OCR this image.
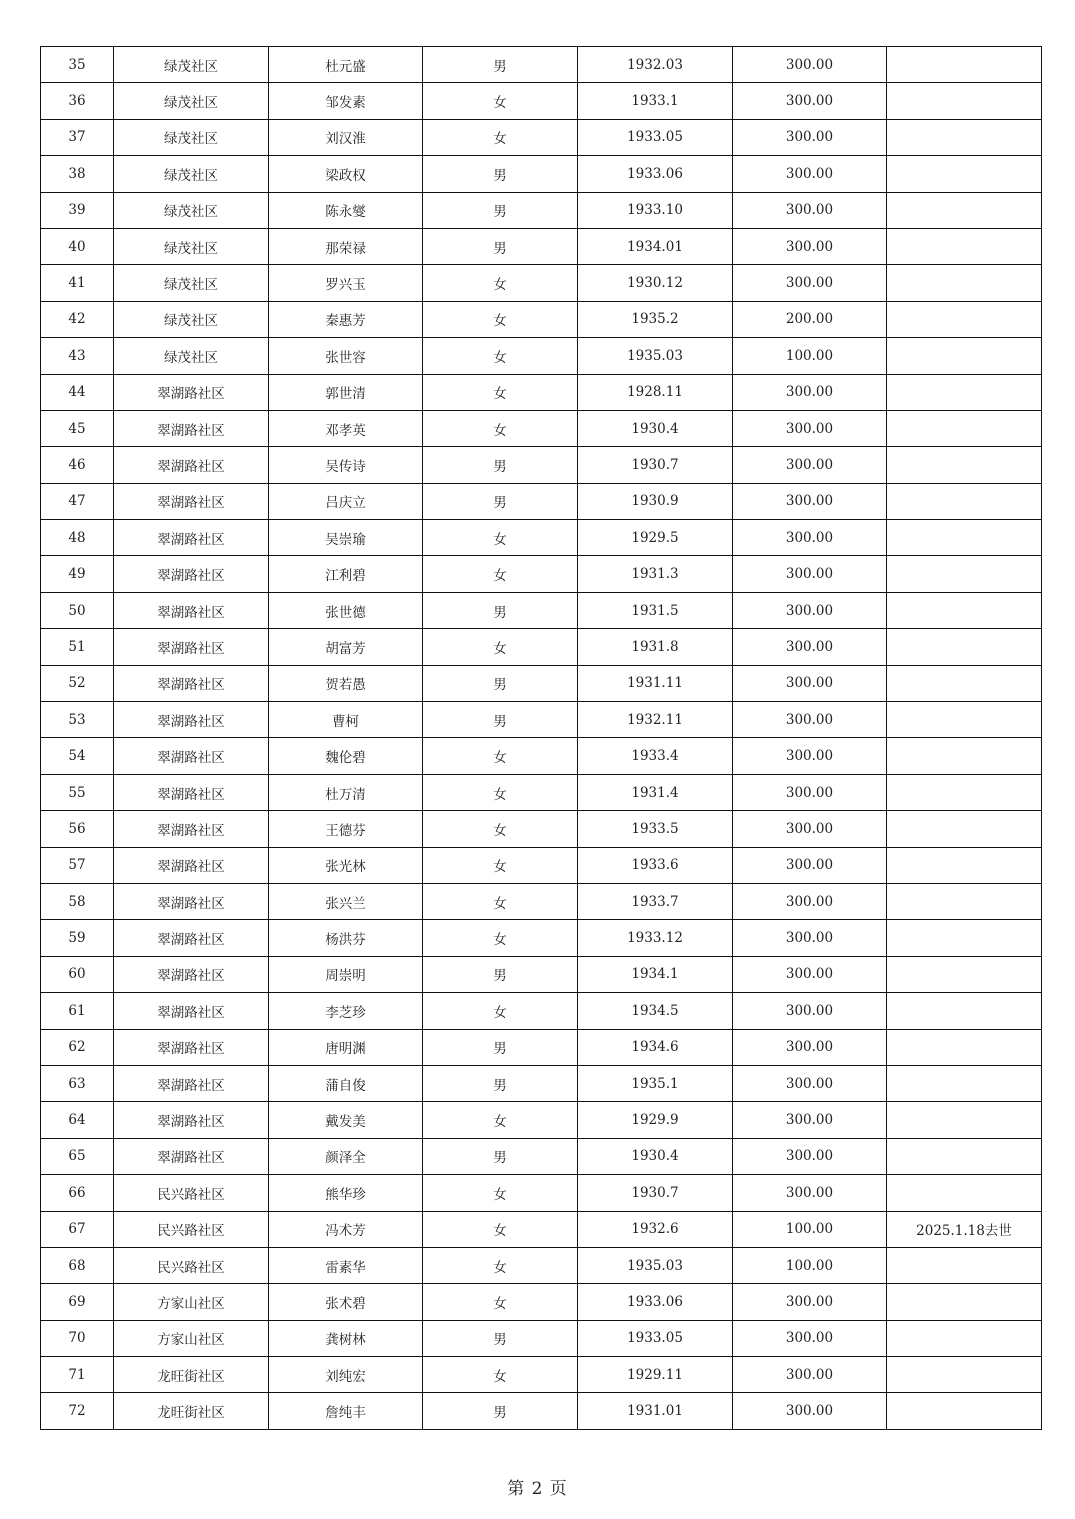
35	绿茂社区	杜元盛	男	1932.03	300.00	
36	绿茂社区	邹发素	女	1933.1	300.00	
37	绿茂社区	刘汉淮	女	1933.05	300.00	
38	绿茂社区	梁政权	男	1933.06	300.00	
39	绿茂社区	陈永燮	男	1933.10	300.00	
40	绿茂社区	那荣禄	男	1934.01	300.00	
41	绿茂社区	罗兴玉	女	1930.12	300.00	
42	绿茂社区	秦惠芳	女	1935.2	200.00	
43	绿茂社区	张世容	女	1935.03	100.00	
44	翠湖路社区	郭世清	女	1928.11	300.00	
45	翠湖路社区	邓孝英	女	1930.4	300.00	
46	翠湖路社区	吴传诗	男	1930.7	300.00	
47	翠湖路社区	吕庆立	男	1930.9	300.00	
48	翠湖路社区	吴崇瑜	女	1929.5	300.00	
49	翠湖路社区	江利碧	女	1931.3	300.00	
50	翠湖路社区	张世德	男	1931.5	300.00	
51	翠湖路社区	胡富芳	女	1931.8	300.00	
52	翠湖路社区	贺若愚	男	1931.11	300.00	
53	翠湖路社区	曹柯	男	1932.11	300.00	
54	翠湖路社区	魏伦碧	女	1933.4	300.00	
55	翠湖路社区	杜万清	女	1931.4	300.00	
56	翠湖路社区	王德芬	女	1933.5	300.00	
57	翠湖路社区	张光林	女	1933.6	300.00	
58	翠湖路社区	张兴兰	女	1933.7	300.00	
59	翠湖路社区	杨洪芬	女	1933.12	300.00	
60	翠湖路社区	周崇明	男	1934.1	300.00	
61	翠湖路社区	李芝珍	女	1934.5	300.00	
62	翠湖路社区	唐明渊	男	1934.6	300.00	
63	翠湖路社区	蒲自俊	男	1935.1	300.00	
64	翠湖路社区	戴发美	女	1929.9	300.00	
65	翠湖路社区	颜泽全	男	1930.4	300.00	
66	民兴路社区	熊华珍	女	1930.7	300.00	
67	民兴路社区	冯术芳	女	1932.6	100.00	2025.1.18去世
68	民兴路社区	雷素华	女	1935.03	100.00	
69	方家山社区	张术碧	女	1933.06	300.00	
70	方家山社区	龚树林	男	1933.05	300.00	
71	龙旺街社区	刘纯宏	女	1929.11	300.00	
72	龙旺街社区	詹纯丰	男	1931.01	300.00	
第 2 页
